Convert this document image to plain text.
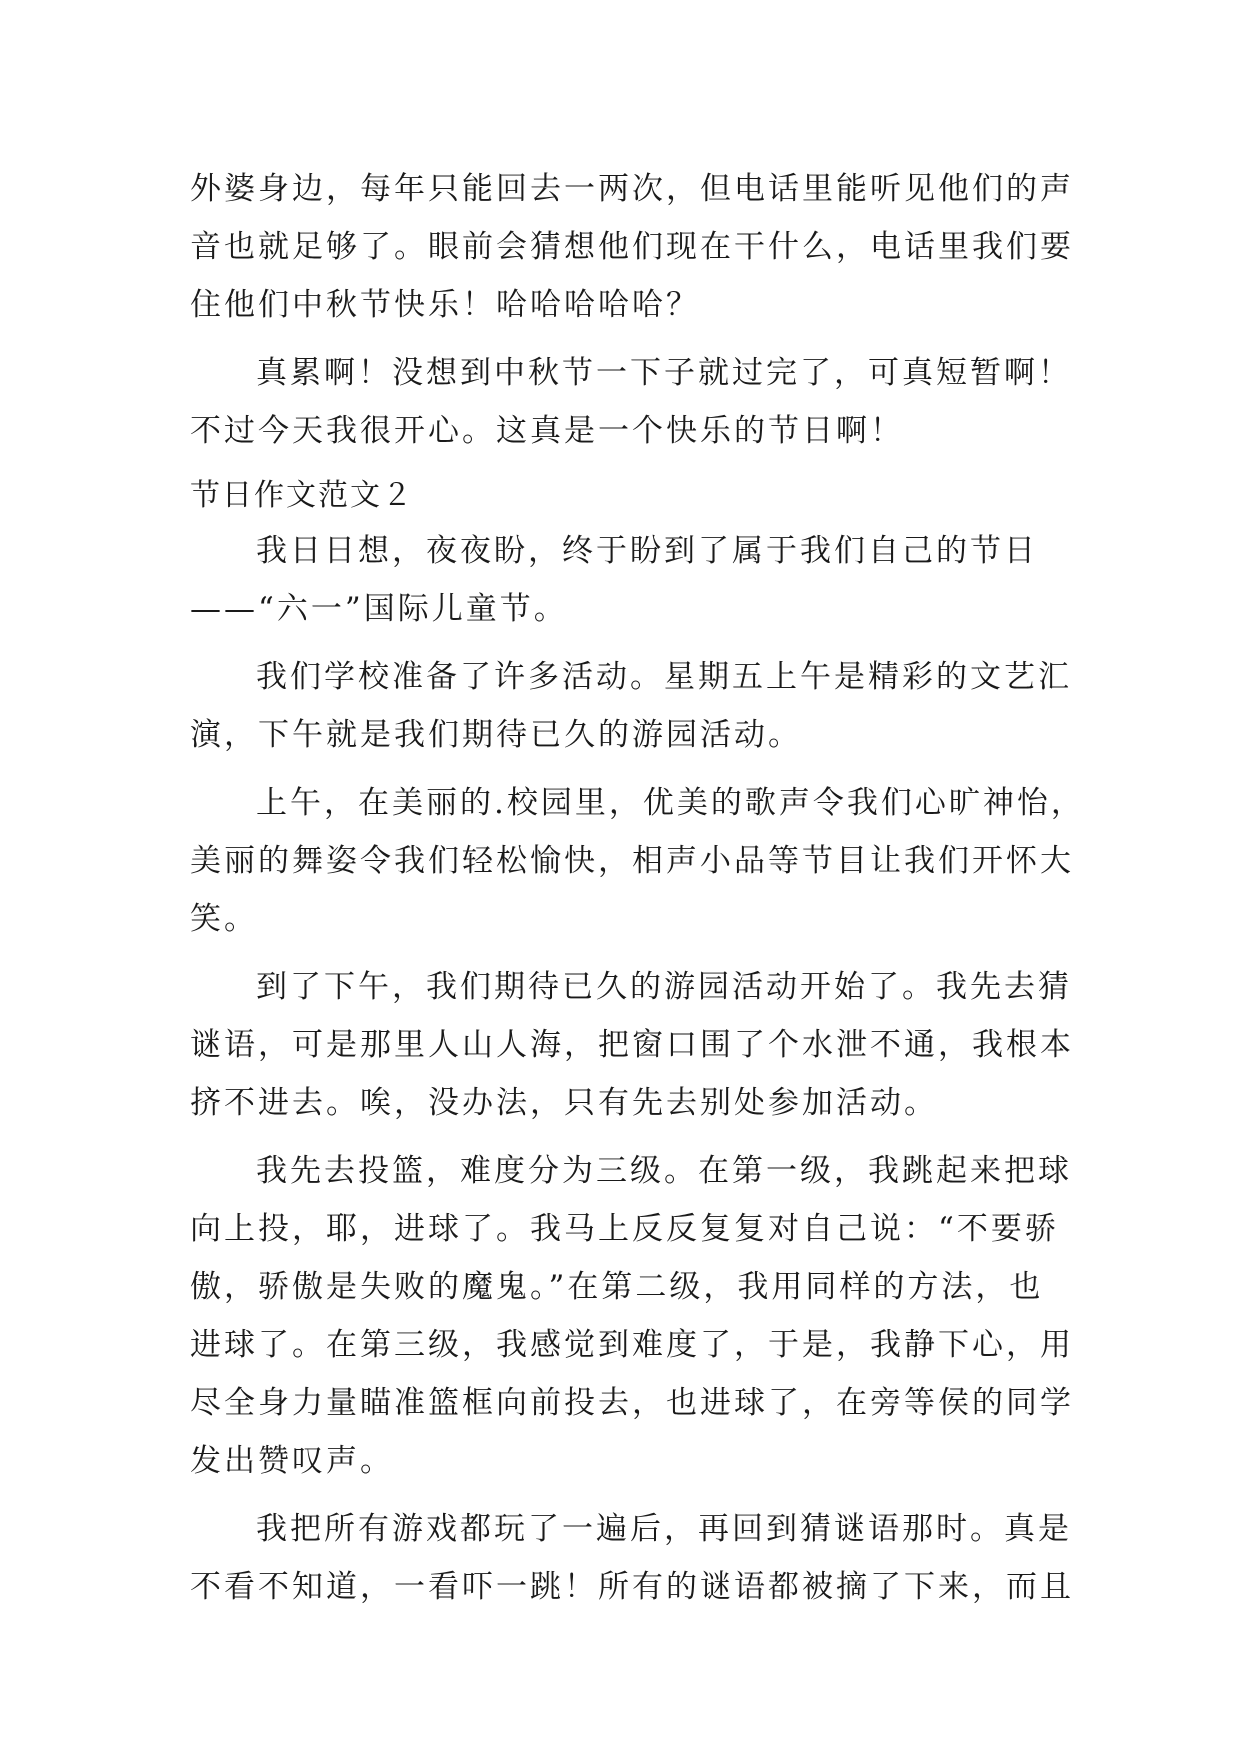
外婆身边，每年只能回去一两次，但电话里能听见他们的声
音也就足够了。眼前会猜想他们现在干什么，电话里我们要
住他们中秋节快乐！哈哈哈哈哈？
真累啊！没想到中秋节一下子就过完了，可真短暂啊！
不过今天我很开心。这真是一个快乐的节日啊！
节日作文范文２
我日日想，夜夜盼，终于盼到了属于我们自己的节日
——“六一”国际儿童节。
我们学校准备了许多活动。星期五上午是精彩的文艺汇
演，下午就是我们期待已久的游园活动。
上午，在美丽的.校园里，优美的歌声令我们心旷神怡，
美丽的舞姿令我们轻松愉快，相声小品等节目让我们开怀大
笑。
到了下午，我们期待已久的游园活动开始了。我先去猜
谜语，可是那里人山人海，把窗口围了个水泄不通，我根本
挤不进去。唉，没办法，只有先去别处参加活动。
我先去投篮，难度分为三级。在第一级，我跳起来把球
向上投，耶，进球了。我马上反反复复对自己说：“不要骄
傲，骄傲是失败的魔鬼。”在第二级，我用同样的方法，也
进球了。在第三级，我感觉到难度了，于是，我静下心，用
尽全身力量瞄准篮框向前投去，也进球了，在旁等侯的同学
发出赞叹声。
我把所有游戏都玩了一遍后，再回到猜谜语那时。真是
不看不知道，一看吓一跳！所有的谜语都被摘了下来，而且
